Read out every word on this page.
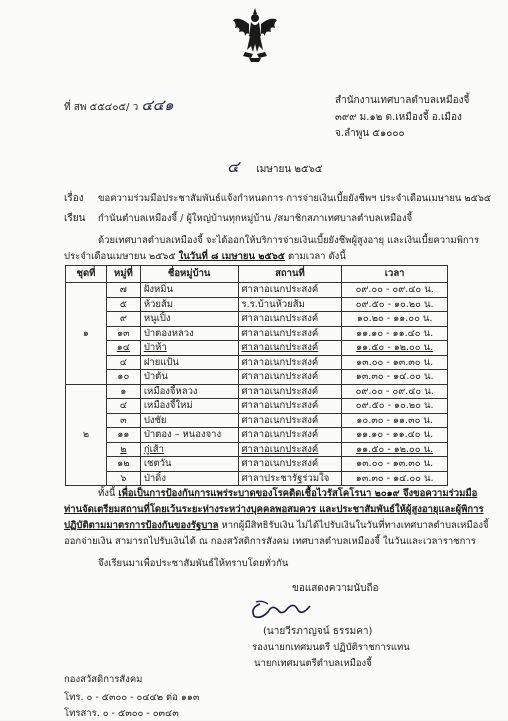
ที่ สพ ๕๕๔๐๕/ ว ๔๔๑	สำนักงานเทศบาลตำบลเหมืองจี้
๓๙๙ ม.๑๒ ต.เหมืองจี้ อ.เมือง
จ.ลำพูน ๕๑๐๐๐
๔ เมษายน ๒๕๖๕
เรื่อง ขอความร่วมมือประชาสัมพันธ์แจ้งกำหนดการ การจ่ายเงินเบี้ยยังชีพฯ ประจำเดือนเมษายน ๒๕๖๕
เรียน กำนันตำบลเหมืองจี้ / ผู้ใหญ่บ้านทุกหมู่บ้าน /สมาชิกสภาเทศบาลตำบลเหมืองจี้
ด้วยเทศบาลตำบลเหมืองจี้ จะได้ออกให้บริการจ่ายเงินเบี้ยยังชีพผู้สูงอายุ และเงินเบี้ยความพิการ
ประจำเดือนเมษายน ๒๕๖๕ ในวันที่ ๘ เมษายน ๒๕๖๕ ตามเวลา ดังนี้
ชุดที่	หมู่ที่	ชื่อหมู่บ้าน	สถานที่	เวลา
	๗	ฝั่งหมิ่น	ศาลาอเนกประสงค์	๐๙.๐๐ - ๐๙.๔๐ น.
	๕	ห้วยส้ม	ร.ร.บ้านห้วยส้ม	๐๙.๕๐ - ๑๐.๒๐ น.
	๙	หนูเปิ้ง	ศาลาอเนกประสงค์	๑๐.๒๐ - ๑๑.๐๐ น.
๑	๑๓	ป่าตองหลวง	ศาลาอเนกประสงค์	๑๑.๑๐ - ๑๑.๔๐ น.
	๑๔	ป่าห้า	ศาลาอเนกประสงค์	๑๑.๕๐ - ๑๒.๐๐ น.
	๔	ฝายแป้น	ศาลาอเนกประสงค์	๑๓.๐๐ - ๑๓.๓๐ น.
	๑๐	ป่าตัน	ศาลาอเนกประสงค์	๑๓.๓๐ - ๑๔.๐๐ น.
	๑	เหมืองจี้หลวง	ศาลาอเนกประสงค์	๐๙.๐๐ - ๐๙.๔๐ น.
	๔	เหมืองจี้ใหม่	ศาลาอเนกประสงค์	๐๙.๕๐ - ๑๐.๒๐ น.
	๓	ปงชัย	ศาลาอเนกประสงค์	๑๐.๓๐ - ๑๑.๓๐ น.
๒	๑๑	ป่าตอง – หนองจาง	ศาลาอเนกประสงค์	๑๑.๑๐ - ๑๑.๔๐ น.
	๒	กู่เส้า	ศาลาอเนกประสงค์	๑๑.๕๐ - ๑๒.๐๐ น.
	๑๒	เชตวัน	ศาลาอเนกประสงค์	๑๓.๐๐ - ๑๓.๓๐ น.
	๖	ป่าดิ้ง	ศาลาประชารัฐร่วมใจ	๑๓.๓๐ - ๑๔.๐๐ น.
ทั้งนี้ เพื่อเป็นการป้องกันการแพร่ระบาดของโรคติดเชื้อไวรัสโคโรนา ๒๐๑๙ จึงขอความร่วมมือ
ท่านจัดเตรียมสถานที่โดยเว้นระยะห่างระหว่างบุคคลพอสมควร และประชาสัมพันธ์ให้ผู้สูงอายุและผู้พิการ
ปฏิบัติตามมาตรการป้องกันของรัฐบาล หากผู้มีสิทธิรับเงิน ไม่ได้ไปรับเงินในวันที่ทางเทศบาลตำบลเหมืองจี้
ออกจ่ายเงิน สามารถไปรับเงินได้ ณ กองสวัสดิการสังคม เทศบาลตำบลเหมืองจี้ ในวันและเวลาราชการ
จึงเรียนมาเพื่อประชาสัมพันธ์ให้ทราบโดยทั่วกัน
ขอแสดงความนับถือ
(นายวีรภาญจน์ ธรรมคา)
รองนายกเทศมนตรี ปฏิบัติราชการแทน
นายกเทศมนตรีตำบลเหมืองจี้
กองสวัสดิการสังคม
โทร. ๐ - ๕๓๐๐ - ๐๔๔๒ ต่อ ๑๑๓
โทรสาร. ๐ - ๕๓๐๐ - ๐๓๔๓
